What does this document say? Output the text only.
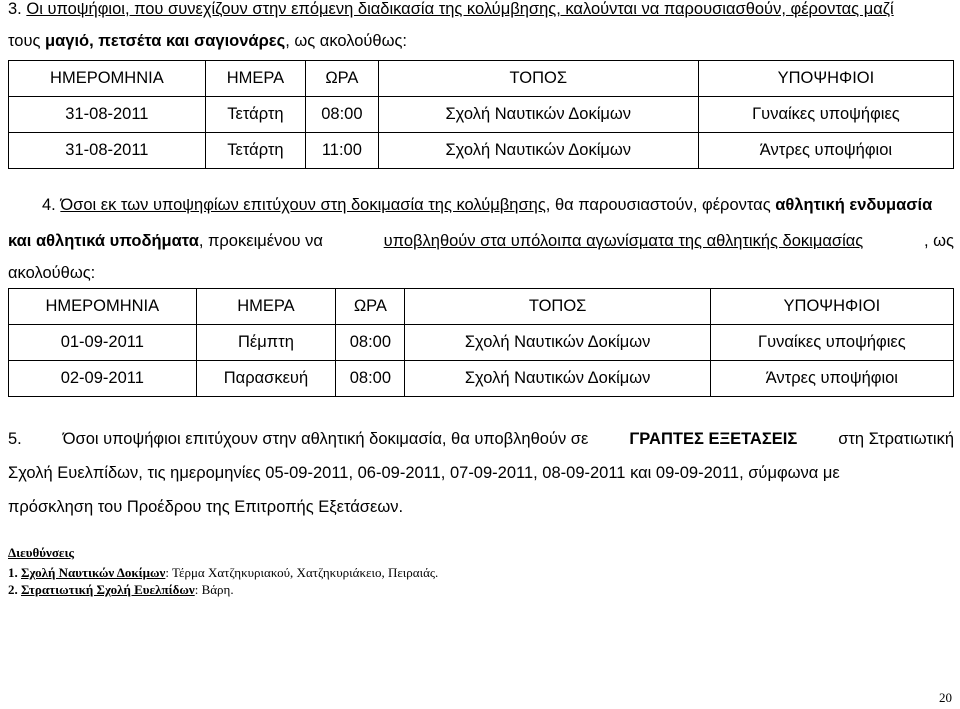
3. Οι υποψήφιοι, που συνεχίζουν στην επόμενη διαδικασία της κολύμβησης, καλούνται να παρουσιασθούν, φέροντας μαζί
τους μαγιό, πετσέτα και σαγιονάρες, ως ακολούθως:
ΗΜΕΡΟΜΗΝΙΑ	ΗΜΕΡΑ	ΩΡΑ	ΤΟΠΟΣ	ΥΠΟΨΗΦΙΟΙ
31-08-2011	Τετάρτη	08:00	Σχολή Ναυτικών Δοκίμων	Γυναίκες υποψήφιες
31-08-2011	Τετάρτη	11:00	Σχολή Ναυτικών Δοκίμων	Άντρες υποψήφιοι
4. Όσοι εκ των υποψηφίων επιτύχουν στη δοκιμασία της κολύμβησης, θα παρουσιαστούν, φέροντας αθλητική ενδυμασία
και αθλητικά υποδήματα, προκειμένου να	υποβληθούν στα υπόλοιπα αγωνίσματα της αθλητικής δοκιμασίας	, ως
ακολούθως:
ΗΜΕΡΟΜΗΝΙΑ	ΗΜΕΡΑ	ΩΡΑ	ΤΟΠΟΣ	ΥΠΟΨΗΦΙΟΙ
01-09-2011	Πέμπτη	08:00	Σχολή Ναυτικών Δοκίμων	Γυναίκες υποψήφιες
02-09-2011	Παρασκευή	08:00	Σχολή Ναυτικών Δοκίμων	Άντρες υποψήφιοι
5. Όσοι υποψήφιοι επιτύχουν στην αθλητική δοκιμασία, θα υποβληθούν σε ΓΡΑΠΤΕΣ ΕΞΕΤΑΣΕΙΣ στη Στρατιωτική
Σχολή Ευελπίδων, τις ημερομηνίες 05-09-2011, 06-09-2011, 07-09-2011, 08-09-2011 και 09-09-2011, σύμφωνα με
πρόσκληση του Προέδρου της Επιτροπής Εξετάσεων.
Διευθύνσεις
1. Σχολή Ναυτικών Δοκίμων: Τέρμα Χατζηκυριακού, Χατζηκυριάκειο, Πειραιάς.
2. Στρατιωτική Σχολή Ευελπίδων: Βάρη.
20
